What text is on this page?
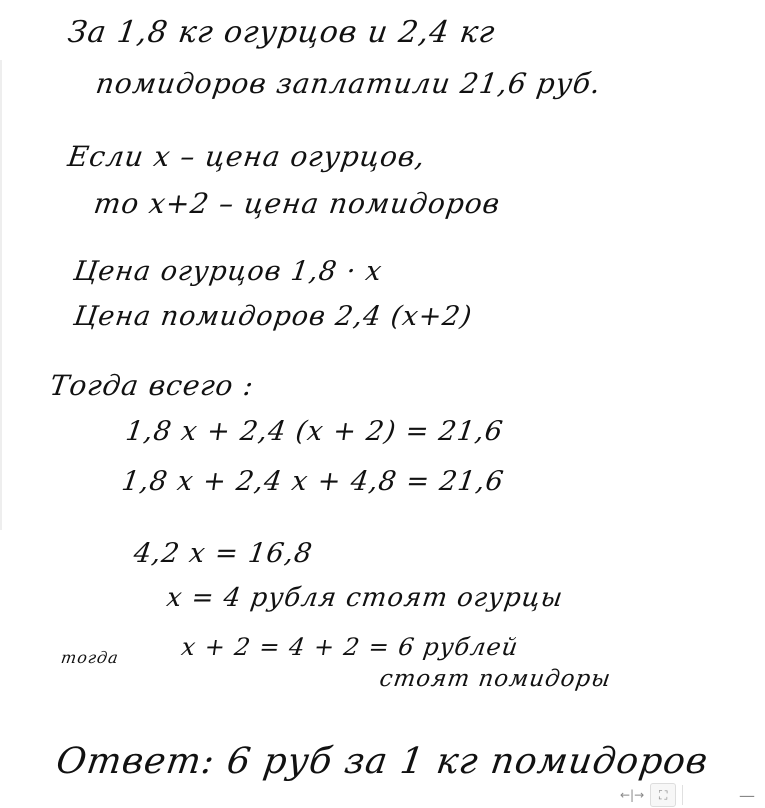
За 1,8 кг огурцов и 2,4 кг
помидоров заплатили 21,6 руб.
Если x – цена огурцов,
то x+2 – цена помидоров
Цена огурцов 1,8 · x
Цена помидоров 2,4 (x+2)
Тогда всего :
1,8 x + 2,4 (x + 2) = 21,6
1,8 x + 2,4 x + 4,8 = 21,6
4,2 x = 16,8
x = 4 рубля стоят огурцы
тогда x + 2 = 4 + 2 = 6 рублей
стоят помидоры
Ответ: 6 руб за 1 кг помидоров
←|→	⛶	—
